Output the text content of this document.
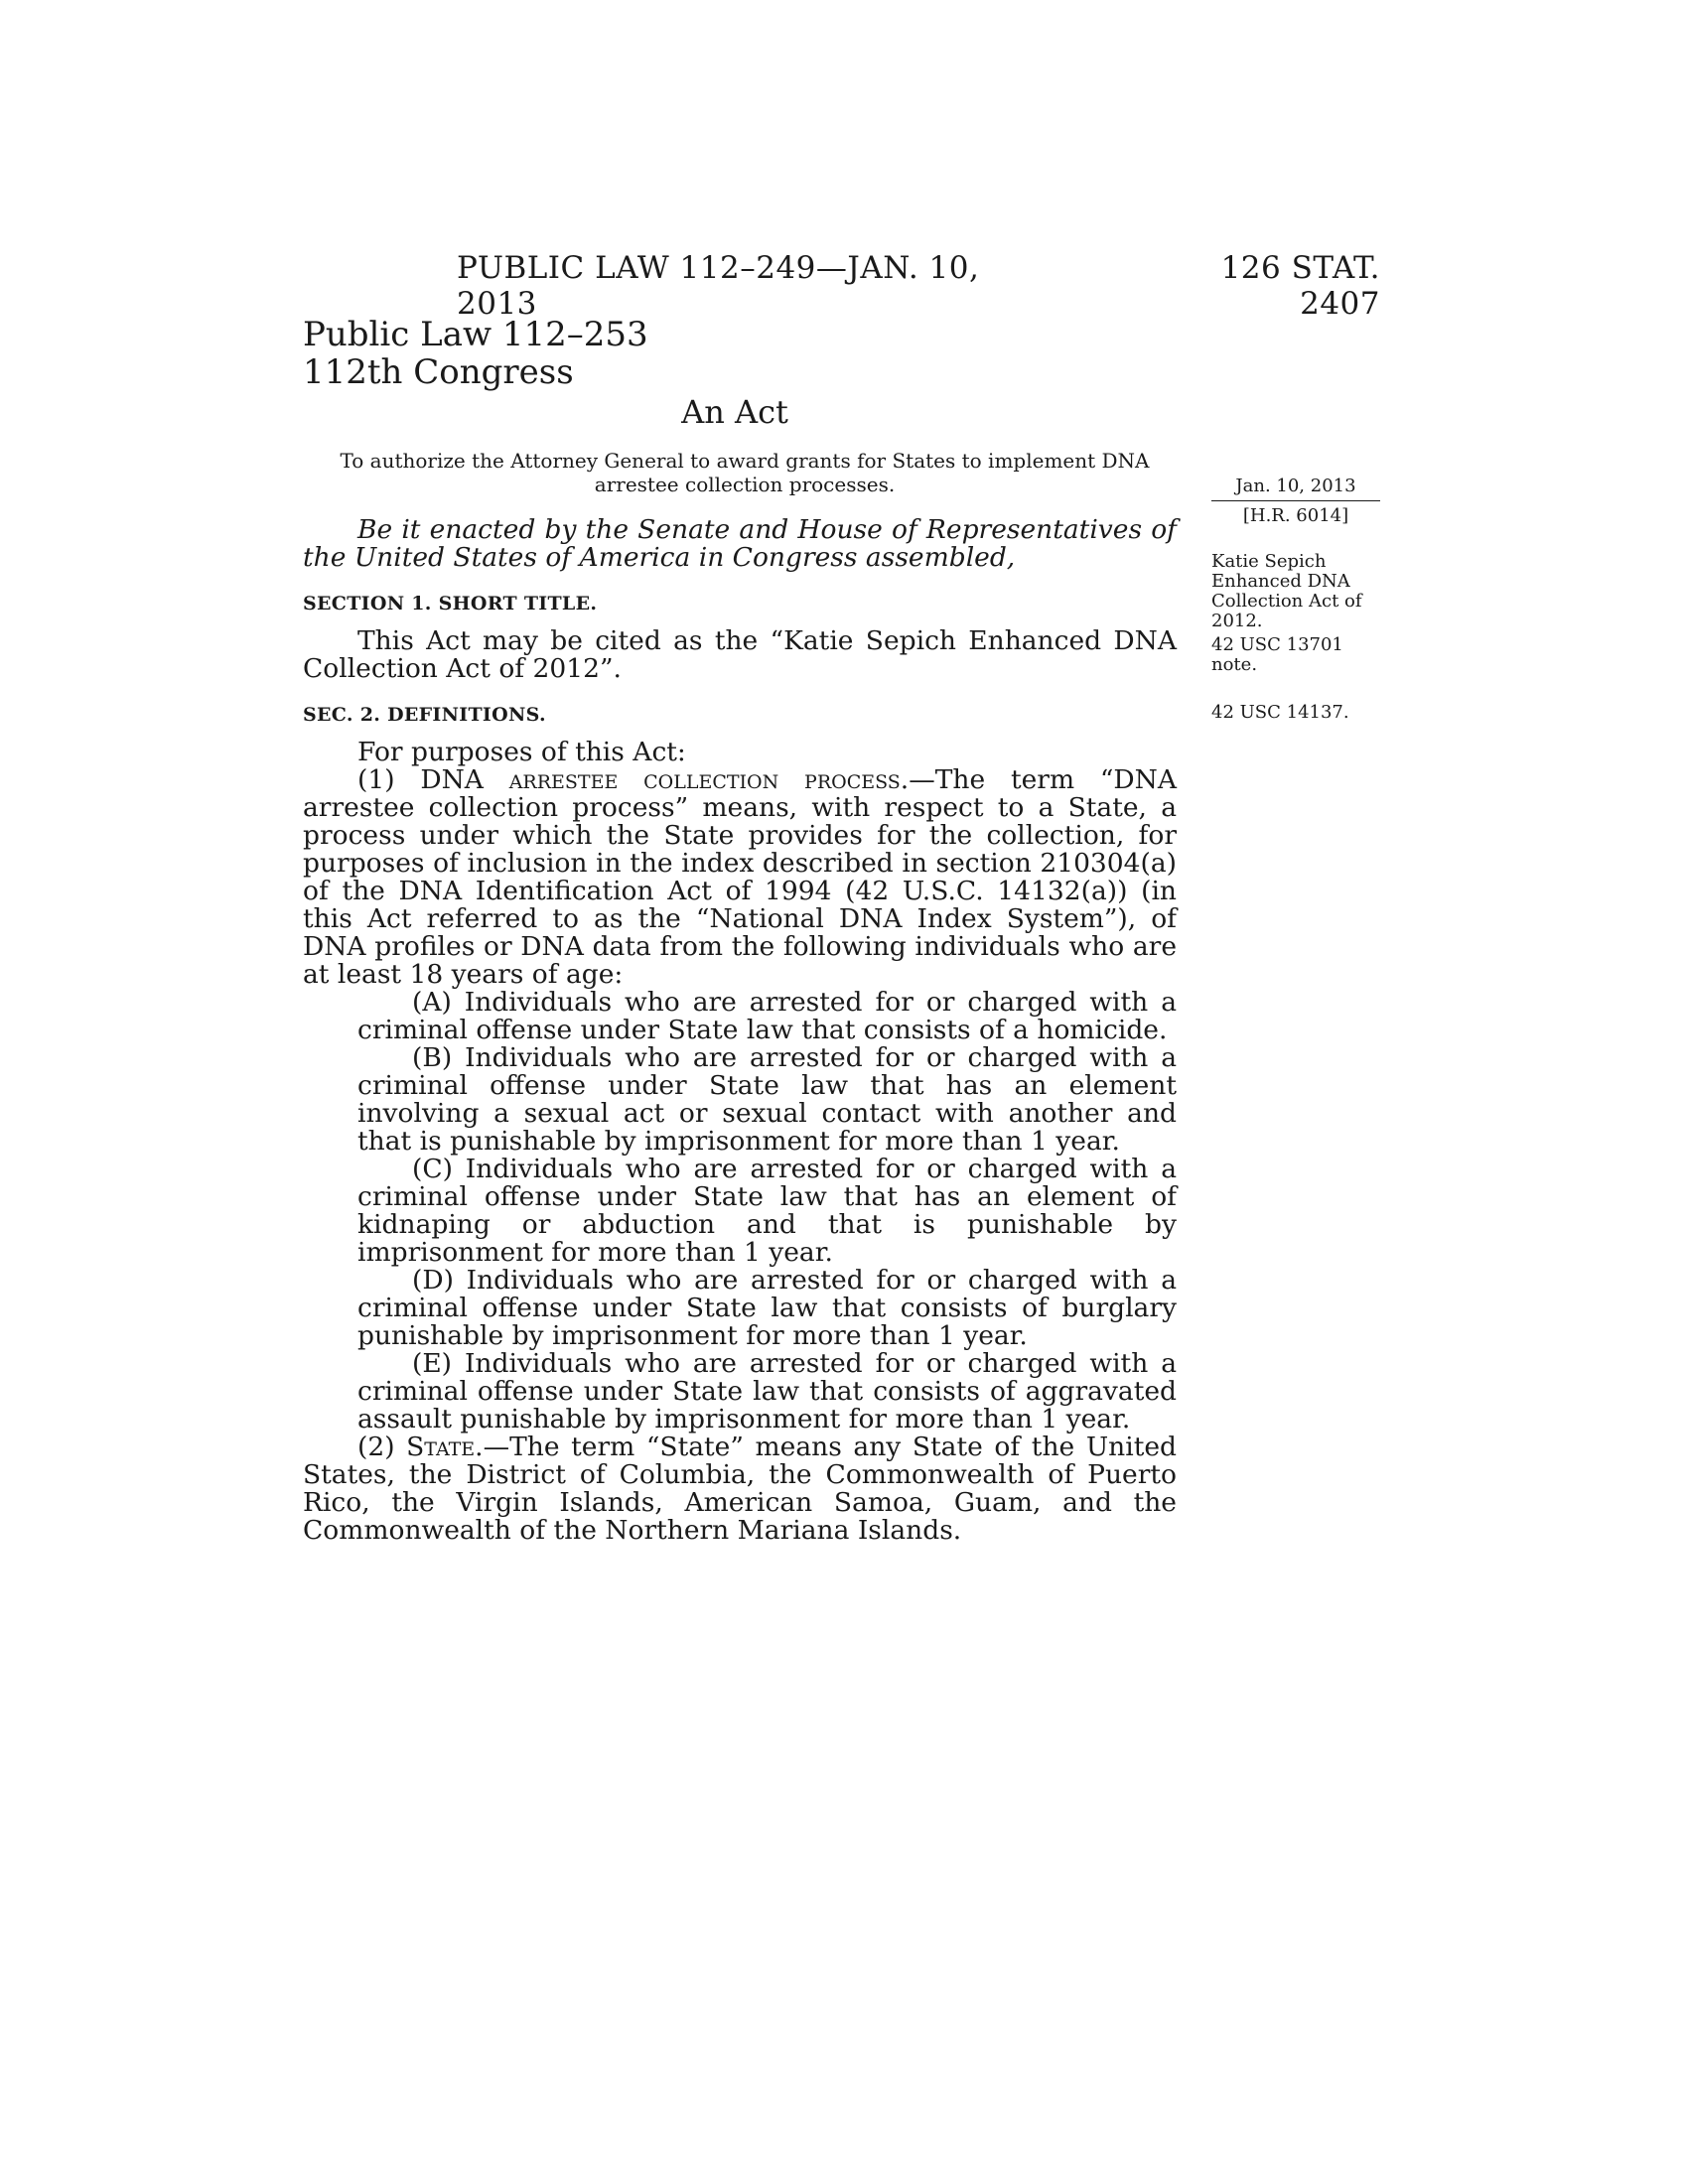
PUBLIC LAW 112–249—JAN. 10, 2013
126 STAT. 2407
Public Law 112–253
112th Congress
An Act
To authorize the Attorney General to award grants for States to implement DNA arrestee collection processes.	Jan. 10, 2013
[H.R. 6014]
Katie Sepich Enhanced DNA Collection Act of 2012.
42 USC 13701 note.
42 USC 14137.

Be it enacted by the Senate and House of Representatives of the United States of America in Congress assembled,

SECTION 1. SHORT TITLE.

This Act may be cited as the “Katie Sepich Enhanced DNA Collection Act of 2012”.

SEC. 2. DEFINITIONS.

For purposes of this Act:

(1) DNA arrestee collection process.—The term “DNA arrestee collection process” means, with respect to a State, a process under which the State provides for the collection, for purposes of inclusion in the index described in section 210304(a) of the DNA Identification Act of 1994 (42 U.S.C. 14132(a)) (in this Act referred to as the “National DNA Index System”), of DNA profiles or DNA data from the following individuals who are at least 18 years of age:

(A) Individuals who are arrested for or charged with a criminal offense under State law that consists of a homicide.

(B) Individuals who are arrested for or charged with a criminal offense under State law that has an element involving a sexual act or sexual contact with another and that is punishable by imprisonment for more than 1 year.

(C) Individuals who are arrested for or charged with a criminal offense under State law that has an element of kidnaping or abduction and that is punishable by imprisonment for more than 1 year.

(D) Individuals who are arrested for or charged with a criminal offense under State law that consists of burglary punishable by imprisonment for more than 1 year.

(E) Individuals who are arrested for or charged with a criminal offense under State law that consists of aggravated assault punishable by imprisonment for more than 1 year.

(2) State.—The term “State” means any State of the United States, the District of Columbia, the Commonwealth of Puerto Rico, the Virgin Islands, American Samoa, Guam, and the Commonwealth of the Northern Mariana Islands.
